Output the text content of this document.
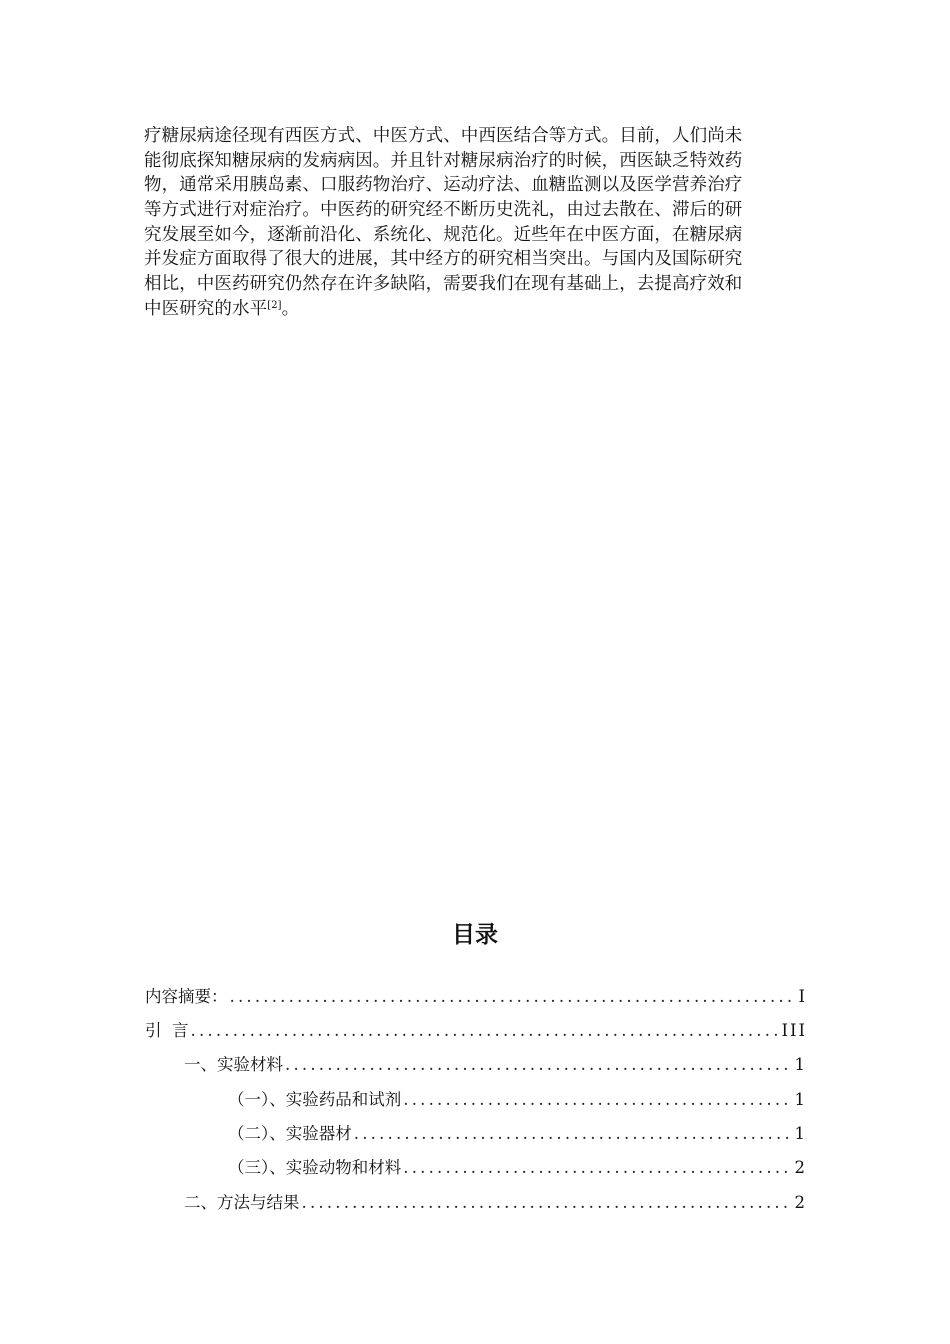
疗糖尿病途径现有西医方式、中医方式、中西医结合等方式。目前，人们尚未
能彻底探知糖尿病的发病病因。并且针对糖尿病治疗的时候，西医缺乏特效药
物，通常采用胰岛素、口服药物治疗、运动疗法、血糖监测以及医学营养治疗
等方式进行对症治疗。中医药的研究经不断历史洗礼，由过去散在、滞后的研
究发展至如今，逐渐前沿化、系统化、规范化。近些年在中医方面，在糖尿病
并发症方面取得了很大的进展，其中经方的研究相当突出。与国内及国际研究
相比，中医药研究仍然存在许多缺陷，需要我们在现有基础上，去提高疗效和
中医研究的水平[2]。
目录
内容摘要： .....	I
引  言 .....	III
一、实验材料 .....	1
（一）、实验药品和试剂 .....	1
（二）、实验器材 .....	1
（三）、实验动物和材料 .....	2
二、方法与结果 .....	2
